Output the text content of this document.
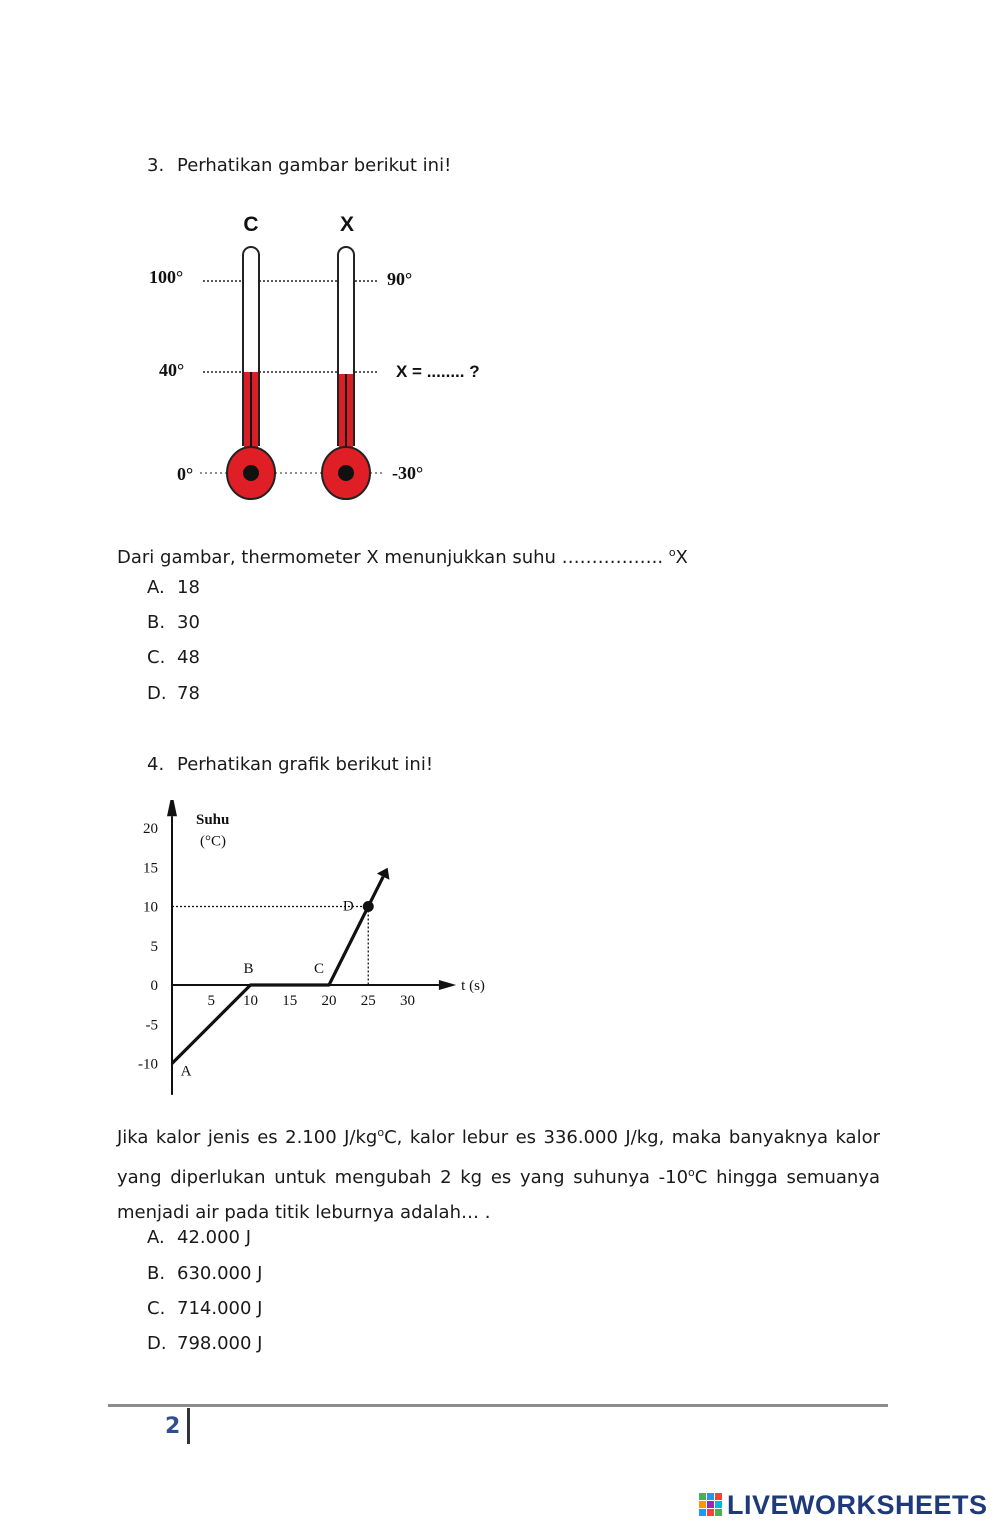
3. Perhatikan gambar berikut ini!
C	X
100°
40°
0°
90°
X = ........ ?
-30°
Dari gambar, thermometer X menunjukkan suhu …………….. $^o$X
A. 18
B. 30
C. 48
D. 78
4. Perhatikan grafik berikut ini!
t (s)
Suhu
(°C)
20
15
10
5
0
-5
-10
5 10 15 20 25 30
A
B	C
D
Jika kalor jenis es 2.100 $J/kg^oC$, kalor lebur es 336.000 J/kg, maka banyaknya kalor
yang diperlukan untuk mengubah 2 kg es yang suhunya -10$^o$C hingga semuanya
menjadi air pada titik leburnya adalah… .
A. 42.000 J
B. 630.000 J
C. 714.000 J
D. 798.000 J
2
LIVEWORKSHEETS
